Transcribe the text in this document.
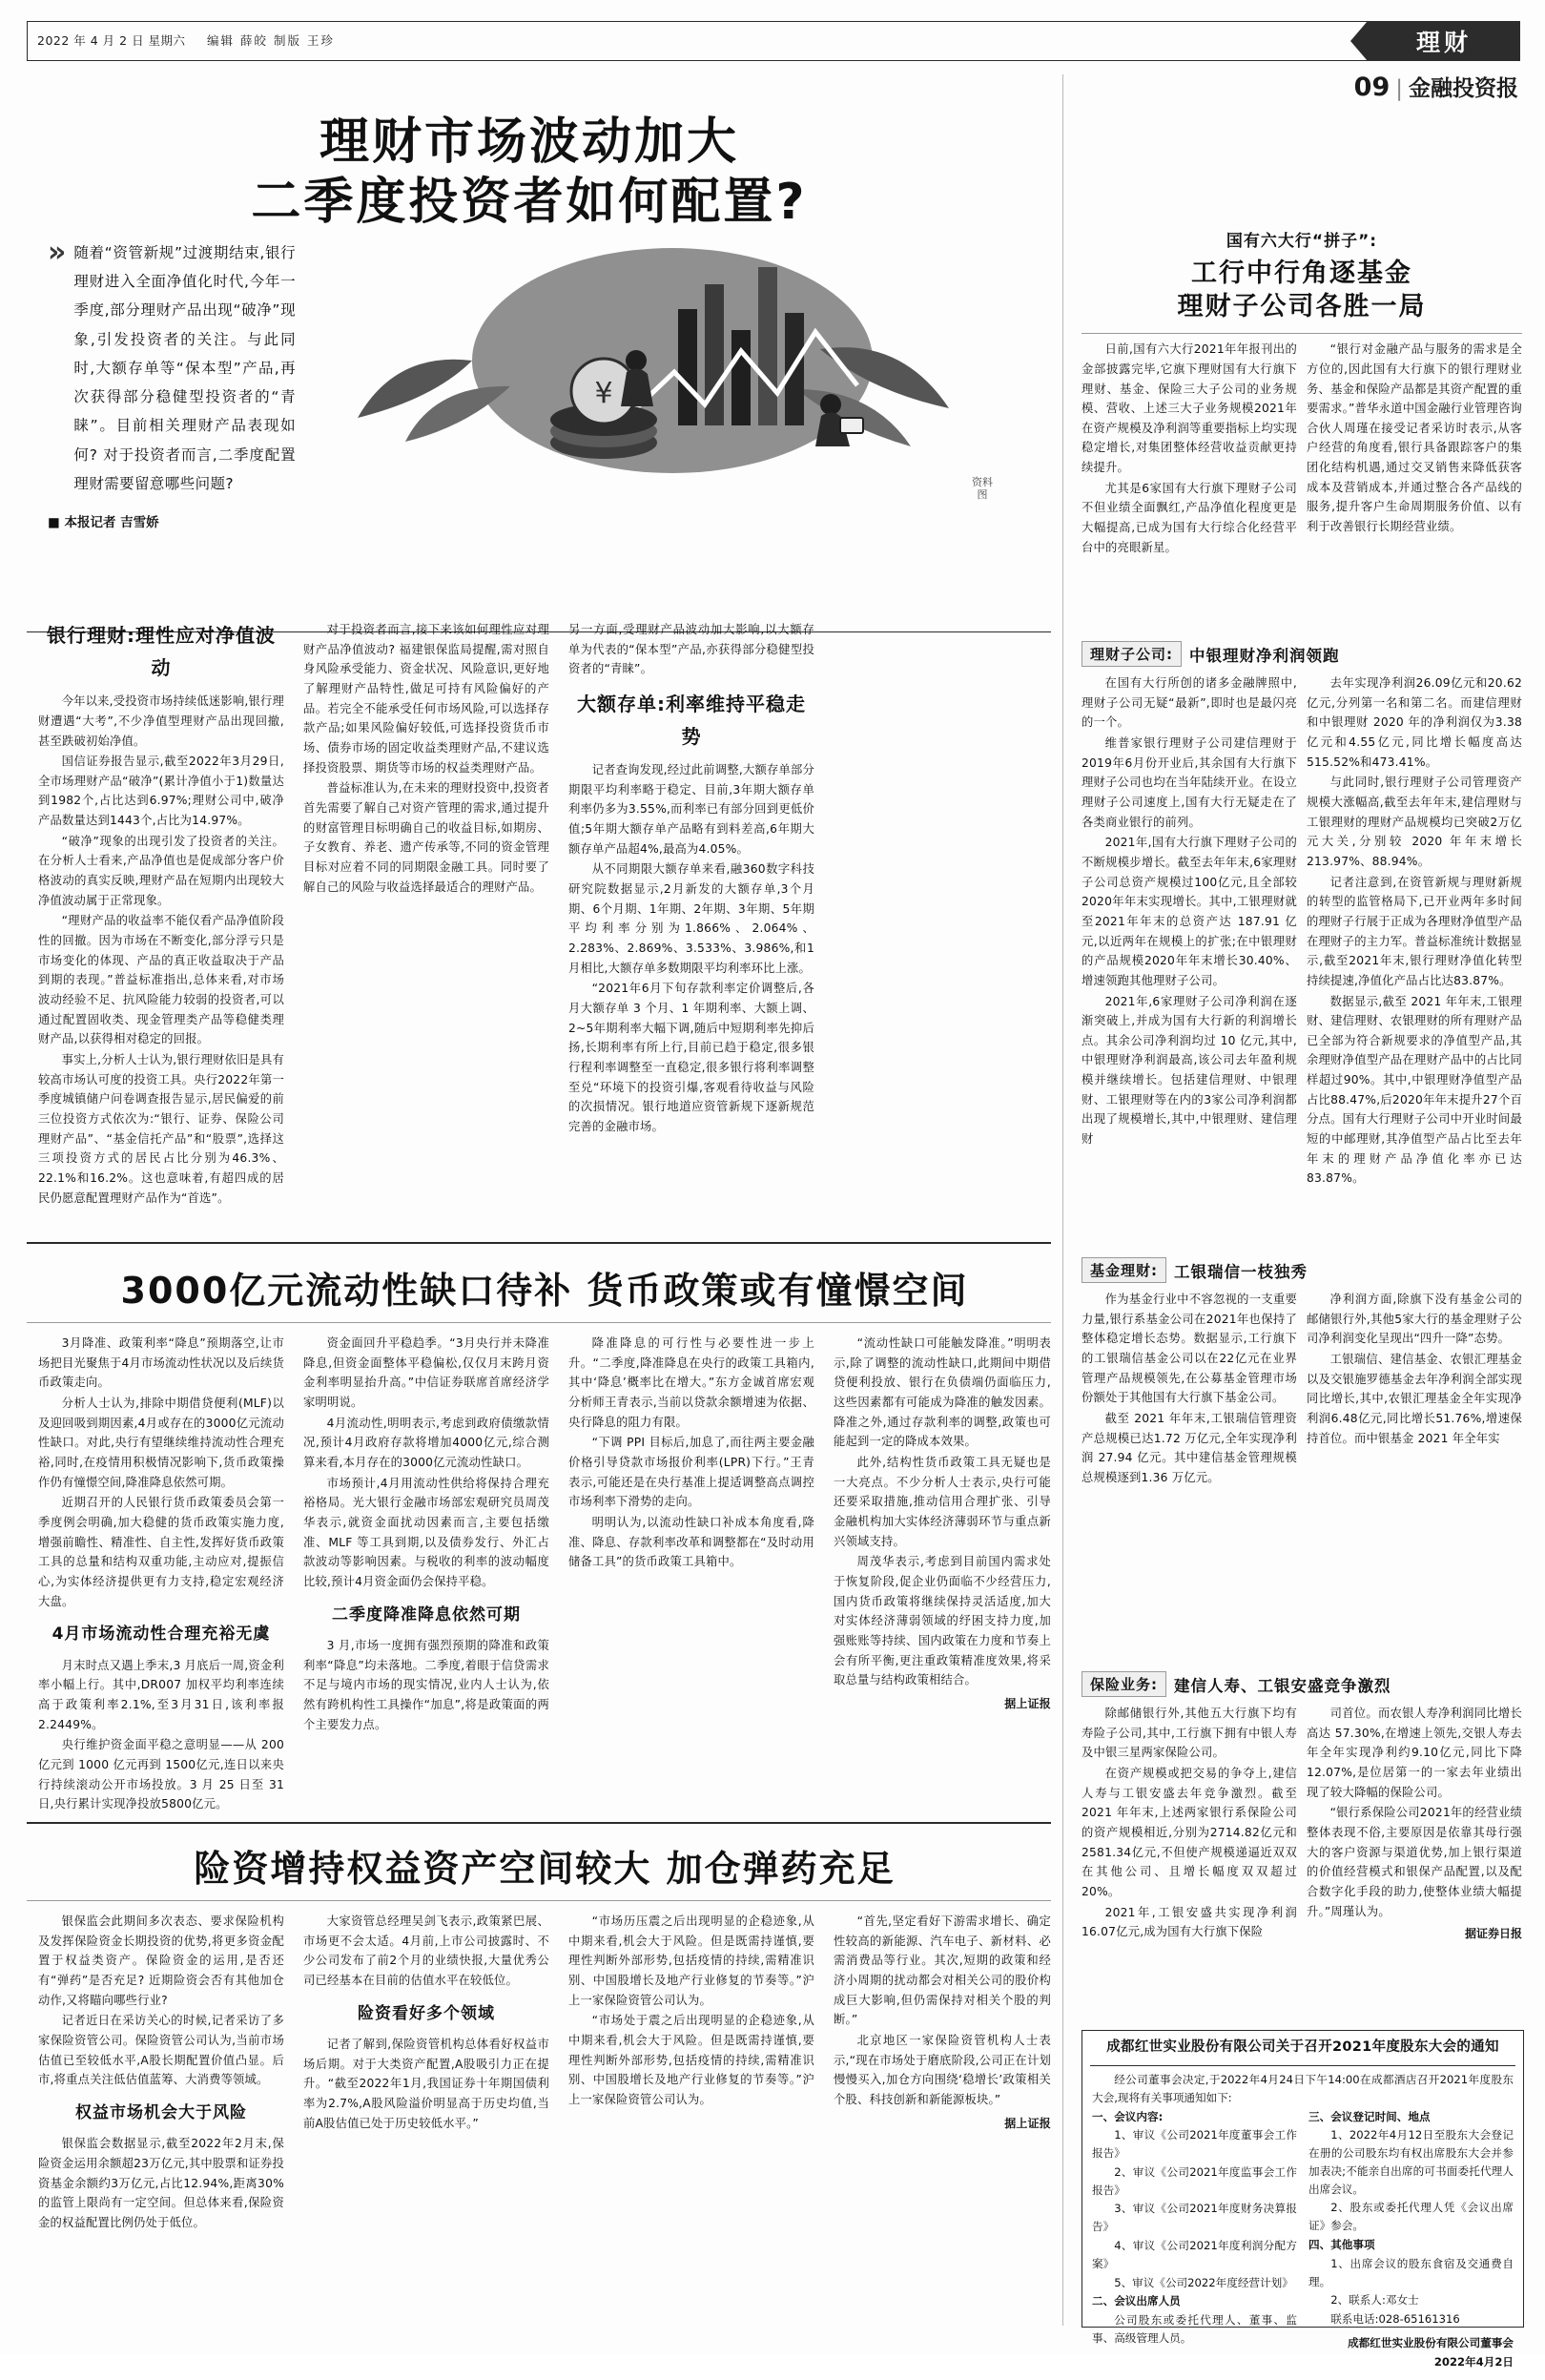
2022 年 4 月 2 日 星期六 编辑 薛皎 制版 王珍	理财
09 | 金融投资报
理财市场波动加大
二季度投资者如何配置?
» 随着“资管新规”过渡期结束,银行理财进入全面净值化时代,今年一季度,部分理财产品出现“破净”现象,引发投资者的关注。与此同时,大额存单等“保本型”产品,再次获得部分稳健型投资者的“青睐”。目前相关理财产品表现如何? 对于投资者而言,二季度配置理财需要留意哪些问题?

■ 本报记者 吉雪娇
¥
资料图
银行理财:理性应对净值波动

今年以来,受投资市场持续低迷影响,银行理财遭遇“大考”,不少净值型理财产品出现回撤,甚至跌破初始净值。

国信证券报告显示,截至2022年3月29日,全市场理财产品“破净”(累计净值小于1)数量达到1982个,占比达到6.97%;理财公司中,破净产品数量达到1443个,占比为14.97%。

“破净”现象的出现引发了投资者的关注。在分析人士看来,产品净值也是促成部分客户价格波动的真实反映,理财产品在短期内出现较大净值波动属于正常现象。

“理财产品的收益率不能仅看产品净值阶段性的回撤。因为市场在不断变化,部分浮亏只是市场变化的体现、产品的真正收益取决于产品到期的表现。”普益标准指出,总体来看,对市场波动经验不足、抗风险能力较弱的投资者,可以通过配置固收类、现金管理类产品等稳健类理财产品,以获得相对稳定的回报。

事实上,分析人士认为,银行理财依旧是具有较高市场认可度的投资工具。央行2022年第一季度城镇储户问卷调查报告显示,居民偏爱的前三位投资方式依次为:“银行、证券、保险公司理财产品”、“基金信托产品”和“股票”,选择这三项投资方式的居民占比分别为46.3%、22.1%和16.2%。这也意味着,有超四成的居民仍愿意配置理财产品作为“首选”。

对于投资者而言,接下来该如何理性应对理财产品净值波动? 福建银保监局提醒,需对照自身风险承受能力、资金状况、风险意识,更好地了解理财产品特性,做足可持有风险偏好的产品。若完全不能承受任何市场风险,可以选择存款产品;如果风险偏好较低,可选择投资货币市场、债券市场的固定收益类理财产品,不建议选择投资股票、期货等市场的权益类理财产品。

普益标准认为,在未来的理财投资中,投资者首先需要了解自己对资产管理的需求,通过提升的财富管理目标明确自己的收益目标,如期房、子女教育、养老、遗产传承等,不同的资金管理目标对应着不同的同期限金融工具。同时要了解自己的风险与收益选择最适合的理财产品。

另一方面,受理财产品波动加大影响,以大额存单为代表的“保本型”产品,亦获得部分稳健型投资者的“青睐”。

大额存单:利率维持平稳走势

记者查询发现,经过此前调整,大额存单部分期限平均利率略于稳定、目前,3年期大额存单利率仍多为3.55%,而利率已有部分回到更低价值;5年期大额存单产品略有到料差高,6年期大额存单产品超4%,最高为4.05%。

从不同期限大额存单来看,融360数字科技研究院数据显示,2月新发的大额存单,3个月期、6个月期、1年期、2年期、3年期、5年期平均利率分别为1.866%、2.064%、2.283%、2.869%、3.533%、3.986%,和1月相比,大额存单多数期限平均利率环比上涨。

“2021年6月下旬存款利率定价调整后,各月大额存单 3 个月、1 年期利率、大额上调、2~5年期利率大幅下调,随后中短期利率先抑后扬,长期利率有所上行,目前已趋于稳定,很多银行程利率调整至一直稳定,很多银行将利率调整至兑“环境下的投资引爆,客观看待收益与风险的次损情况。银行地道应资管新规下逐新规范完善的金融市场。

3000亿元流动性缺口待补 货币政策或有憧憬空间

3月降准、政策利率“降息”预期落空,让市场把目光聚焦于4月市场流动性状况以及后续货币政策走向。

分析人士认为,排除中期借贷便利(MLF)以及迎回吸到期因素,4月或存在的3000亿元流动性缺口。对此,央行有望继续维持流动性合理充裕,同时,在疫情用积极情况影响下,货币政策操作仍有憧憬空间,降准降息依然可期。

近期召开的人民银行货币政策委员会第一季度例会明确,加大稳健的货币政策实施力度,增强前瞻性、精准性、自主性,发挥好货币政策工具的总量和结构双重功能,主动应对,提振信心,为实体经济提供更有力支持,稳定宏观经济大盘。

4月市场流动性合理充裕无虞

月末时点又遇上季末,3 月底后一周,资金利率小幅上行。其中,DR007 加权平均利率连续高于政策利率2.1%,至3月31日,该利率报2.2449%。

央行维护资金面平稳之意明显——从 200 亿元到 1000 亿元再到 1500亿元,连日以来央行持续滚动公开市场投放。3 月 25 日至 31 日,央行累计实现净投放5800亿元。

资金面回升平稳趋季。“3月央行并未降准降息,但资金面整体平稳偏松,仅仅月末跨月资金利率明显抬升高。”中信证券联席首席经济学家明明说。

4月流动性,明明表示,考虑到政府债缴款情况,预计4月政府存款将增加4000亿元,综合测算来看,本月存在的3000亿元流动性缺口。

市场预计,4月用流动性供给将保持合理充裕格局。光大银行金融市场部宏观研究员周茂华表示,就资金面扰动因素而言,主要包括缴准、MLF 等工具到期,以及债券发行、外汇占款波动等影响因素。与税收的利率的波动幅度比较,预计4月资金面仍会保持平稳。

二季度降准降息依然可期

3 月,市场一度拥有强烈预期的降准和政策利率“降息”均未落地。二季度,着眼于信贷需求不足与境内市场的现实情况,业内人士认为,依然有跨机构性工具操作“加息”,将是政策面的两个主要发力点。

降准降息的可行性与必要性进一步上升。“二季度,降准降息在央行的政策工具箱内,其中‘降息’概率比在增大。”东方金诚首席宏观分析师王青表示,当前以贷款余额增速为依据、央行降息的阻力有限。

“下调 PPI 目标后,加息了,而往两主要金融价格引导贷款市场报价利率(LPR)下行。”王青表示,可能还是在央行基准上提适调整高点调控市场利率下滑势的走向。

明明认为,以流动性缺口补成本角度看,降准、降息、存款利率改革和调整都在“及时动用储备工具”的货币政策工具箱中。

“流动性缺口可能触发降准。”明明表示,除了调整的流动性缺口,此期间中期借贷便利投放、银行在负债端仍面临压力,这些因素都有可能成为降准的触发因素。降准之外,通过存款利率的调整,政策也可能起到一定的降成本效果。

此外,结构性货币政策工具无疑也是一大亮点。不少分析人士表示,央行可能还要采取措施,推动信用合理扩张、引导金融机构加大实体经济薄弱环节与重点新兴领域支持。

周茂华表示,考虑到目前国内需求处于恢复阶段,促企业仍面临不少经营压力,国内货币政策将继续保持灵活适度,加大对实体经济薄弱领域的纾困支持力度,加强账账等持续、国内政策在力度和节奏上会有所平衡,更注重政策精准度效果,将采取总量与结构政策相结合。

据上证报
险资增持权益资产空间较大 加仓弹药充足

银保监会此期间多次表态、要求保险机构及发挥保险资金长期投资的优势,将更多资金配置于权益类资产。保险资金的运用,是否还有“弹药”是否充足? 近期险资会否有其他加仓动作,又将瞄向哪些行业?

记者近日在采访关心的时候,记者采访了多家保险资管公司。保险资管公司认为,当前市场估值已至较低水平,A股长期配置价值凸显。后市,将重点关注低估值蓝筹、大消费等领域。

权益市场机会大于风险

银保监会数据显示,截至2022年2月末,保险资金运用余额超23万亿元,其中股票和证券投资基金余额约3万亿元,占比12.94%,距离30%的监管上限尚有一定空间。但总体来看,保险资金的权益配置比例仍处于低位。

大家资管总经理吴剑飞表示,政策紧巴展、市场更不会太适。4月前,上市公司披露时、不少公司发布了前2个月的业绩快报,大量优秀公司已经基本在目前的估值水平在较低位。

险资看好多个领域

记者了解到,保险资管机构总体看好权益市场后期。对于大类资产配置,A股吸引力正在提升。“截至2022年1月,我国证券十年期国债利率为2.7%,A股风险溢价明显高于历史均值,当前A股估值已处于历史较低水平。”

“市场历压震之后出现明显的企稳迹象,从中期来看,机会大于风险。但是既需持谨慎,要理性判断外部形势,包括疫情的持续,需精准识别、中国股增长及地产行业修复的节奏等。”沪上一家保险资管公司认为。

“市场处于震之后出现明显的企稳迹象,从中期来看,机会大于风险。但是既需持谨慎,要理性判断外部形势,包括疫情的持续,需精准识别、中国股增长及地产行业修复的节奏等。”沪上一家保险资管公司认为。

“首先,坚定看好下游需求增长、确定性较高的新能源、汽车电子、新材料、必需消费品等行业。其次,短期的政策和经济小周期的扰动都会对相关公司的股价构成巨大影响,但仍需保持对相关个股的判断。”

北京地区一家保险资管机构人士表示,“现在市场处于磨底阶段,公司正在计划慢慢买入,加仓方向围绕‘稳增长’政策相关个股、科技创新和新能源板块。”

据上证报
国有六大行“拼子”:
工行中行角逐基金
理财子公司各胜一局

日前,国有六大行2021年年报刊出的金部披露完毕,它旗下理财国有大行旗下理财、基金、保险三大子公司的业务规模、营收、上述三大子业务规模2021年在资产规模及净利润等重要指标上均实现稳定增长,对集团整体经营收益贡献更持续提升。

尤其是6家国有大行旗下理财子公司不但业绩全面飘红,产品净值化程度更是大幅提高,已成为国有大行综合化经营平台中的亮眼新星。

“银行对金融产品与服务的需求是全方位的,因此国有大行旗下的银行理财业务、基金和保险产品都是其资产配置的重要需求。”普华永道中国金融行业管理咨询合伙人周瑾在接受记者采访时表示,从客户经营的角度看,银行具备跟踪客户的集团化结构机遇,通过交叉销售来降低获客成本及营销成本,并通过整合各产品线的服务,提升客户生命周期服务价值、以有利于改善银行长期经营业绩。

理财子公司:	中银理财净利润领跑

在国有大行所创的诸多金融牌照中,理财子公司无疑“最新”,即时也是最闪亮的一个。

维普家银行理财子公司建信理财于2019年6月份开业后,其余国有大行旗下理财子公司也均在当年陆续开业。在设立理财子公司速度上,国有大行无疑走在了各类商业银行的前列。

2021年,国有大行旗下理财子公司的不断规模步增长。截至去年年末,6家理财子公司总资产规模过100亿元,且全部较2020年年末实现增长。其中,工银理财就至2021年年末的总资产达 187.91 亿元,以近两年在规模上的扩张;在中银理财的产品规模2020年年末增长30.40%、增速领跑其他理财子公司。

2021年,6家理财子公司净利润在逐渐突破上,并成为国有大行新的利润增长点。其余公司净利润均过 10 亿元,其中,中银理财净利润最高,该公司去年盈利规模并继续增长。包括建信理财、中银理财、工银理财等在内的3家公司净利润都出现了规模增长,其中,中银理财、建信理财

去年实现净利润26.09亿元和20.62亿元,分列第一名和第二名。而建信理财和中银理财 2020 年的净利润仅为3.38亿元和4.55亿元,同比增长幅度高达515.52%和473.41%。

与此同时,银行理财子公司管理资产规模大涨幅高,截至去年年末,建信理财与工银理财的理财产品规模均已突破2万亿元大关,分别较 2020 年年末增长 213.97%、88.94%。

记者注意到,在资管新规与理财新规的转型的监管格局下,已开业两年多时间的理财子行展于正成为各理财净值型产品在理财子的主力军。普益标准统计数据显示,截至2021年末,银行理财净值化转型持续提速,净值化产品占比达83.87%。

数据显示,截至 2021 年年末,工银理财、建信理财、农银理财的所有理财产品已全部为符合新规要求的净值型产品,其余理财净值型产品在理财产品中的占比同样超过90%。其中,中银理财净值型产品占比88.47%,后2020年年末提升27个百分点。国有大行理财子公司中开业时间最短的中邮理财,其净值型产品占比至去年年末的理财产品净值化率亦已达83.87%。

基金理财:	工银瑞信一枝独秀

作为基金行业中不容忽视的一支重要力量,银行系基金公司在2021年也保持了整体稳定增长态势。数据显示,工行旗下的工银瑞信基金公司以在22亿元在业界管理产品规模领先,在公募基金管理市场份额处于其他国有大行旗下基金公司。

截至 2021 年年末,工银瑞信管理资产总规模已达1.72 万亿元,全年实现净利润 27.94 亿元。其中建信基金管理规模总规模逐到1.36 万亿元。

净利润方面,除旗下没有基金公司的邮储银行外,其他5家大行的基金理财子公司净利润变化呈现出“四升一降”态势。

工银瑞信、建信基金、农银汇理基金以及交银施罗德基金去年净利润全部实现同比增长,其中,农银汇理基金全年实现净利润6.48亿元,同比增长51.76%,增速保持首位。而中银基金 2021 年全年实

保险业务:	建信人寿、工银安盛竞争激烈

除邮储银行外,其他五大行旗下均有寿险子公司,其中,工行旗下拥有中银人寿及中银三星两家保险公司。

在资产规模或把交易的争夺上,建信人寿与工银安盛去年竞争激烈。截至 2021 年年末,上述两家银行系保险公司的资产规模相近,分别为2714.82亿元和2581.34亿元,不但使产规模递逼近双双在其他公司、且增长幅度双双超过20%。

2021年,工银安盛共实现净利润16.07亿元,成为国有大行旗下保险

司首位。而农银人寿净利润同比增长高达 57.30%,在增速上领先,交银人寿去年全年实现净利约9.10亿元,同比下降 12.07%,是位居第一的一家去年业绩出现了较大降幅的保险公司。

“银行系保险公司2021年的经营业绩整体表现不俗,主要原因是依靠其母行强大的客户资源与渠道优势,加上银行渠道的价值经营模式和银保产品配置,以及配合数字化手段的助力,使整体业绩大幅提升。”周瑾认为。

据证券日报
成都红世实业股份有限公司关于召开2021年度股东大会的通知

经公司董事会决定,于2022年4月24日下午14:00在成都酒店召开2021年度股东大会,现将有关事项通知如下:

一、会议内容:

1、审议《公司2021年度董事会工作报告》

2、审议《公司2021年度监事会工作报告》

3、审议《公司2021年度财务决算报告》

4、审议《公司2021年度利润分配方案》

5、审议《公司2022年度经营计划》

二、会议出席人员

公司股东或委托代理人、董事、监事、高级管理人员。

三、会议登记时间、地点

1、2022年4月12日至股东大会登记在册的公司股东均有权出席股东大会并参加表决;不能亲自出席的可书面委托代理人出席会议。

2、股东或委托代理人凭《会议出席证》参会。

四、其他事项

1、出席会议的股东食宿及交通费自理。

2、联系人:邓女士

联系电话:028-65161316

成都红世实业股份有限公司董事会

2022年4月2日
